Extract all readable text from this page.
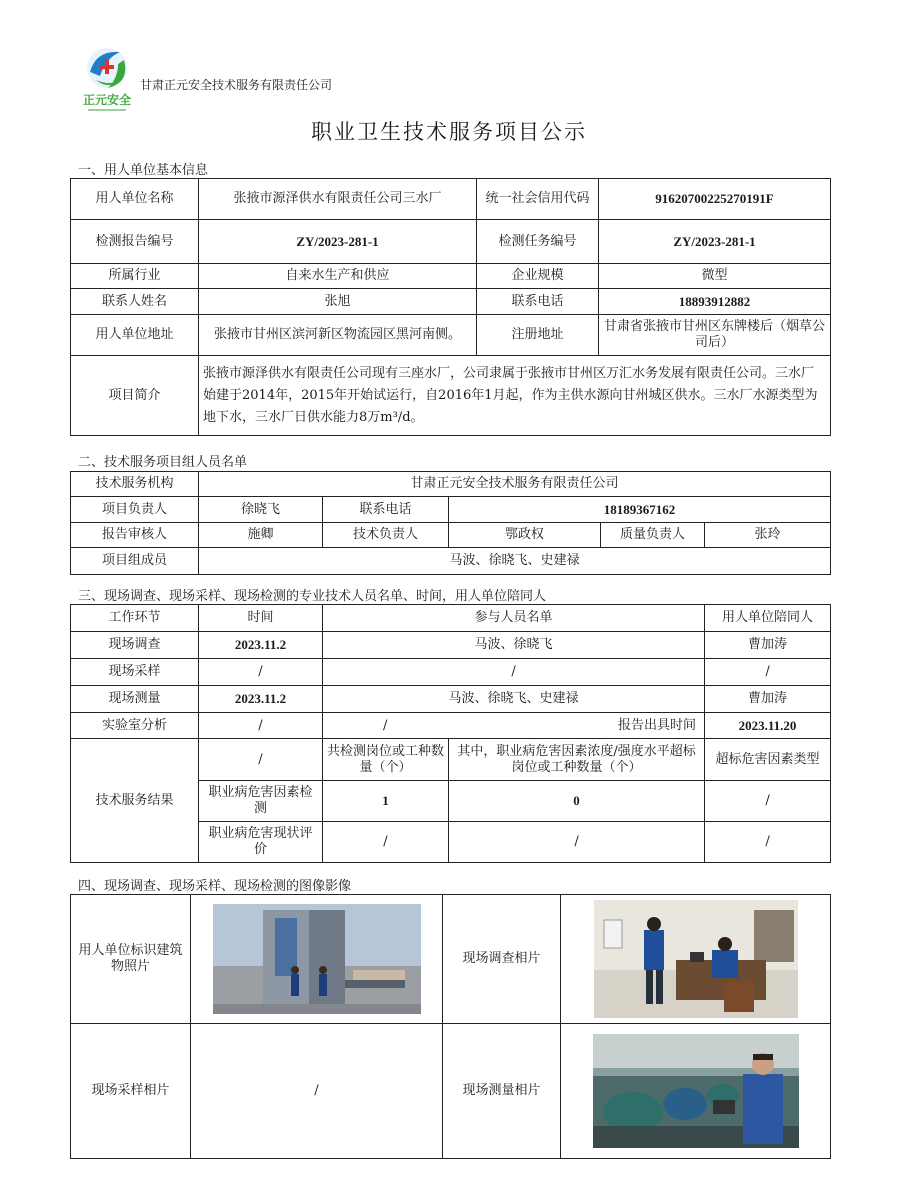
正元安全
甘肃正元安全技术服务有限责任公司
职业卫生技术服务项目公示
一、用人单位基本信息
用人单位名称	张掖市源泽供水有限责任公司三水厂	统一社会信用代码	91620700225270191F
检测报告编号	ZY/2023-281-1	检测任务编号	ZY/2023-281-1
所属行业	自来水生产和供应	企业规模	微型
联系人姓名	张旭	联系电话	18893912882
用人单位地址	张掖市甘州区滨河新区物流园区黑河南侧。	注册地址	甘肃省张掖市甘州区东牌楼后（烟草公司后）
项目简介	张掖市源泽供水有限责任公司现有三座水厂，公司隶属于张掖市甘州区万汇水务发展有限责任公司。三水厂始建于2014年，2015年开始试运行，自2016年1月起，作为主供水源向甘州城区供水。三水厂水源类型为地下水，三水厂日供水能力8万m³/d。		
二、技术服务项目组人员名单
技术服务机构	甘肃正元安全技术服务有限责任公司				
项目负责人	徐晓飞	联系电话	18189367162		
报告审核人	施卿	技术负责人	鄂政权	质量负责人	张玲
项目组成员	马波、徐晓飞、史建禄				
三、现场调查、现场采样、现场检测的专业技术人员名单、时间，用人单位陪同人
工作环节	时间	参与人员名单		用人单位陪同人
现场调查	2023.11.2	马波、徐晓飞		曹加涛
现场采样	/	/		/
现场测量	2023.11.2	马波、徐晓飞、史建禄		曹加涛
实验室分析	/	/ 报告出具时间		2023.11.20
技术服务结果	/	共检测岗位或工种数量（个）	其中，职业病危害因素浓度/强度水平超标岗位或工种数量（个）	超标危害因素类型
	职业病危害因素检测	1	0	/
	职业病危害现状评价	/	/	/
四、现场调查、现场采样、现场检测的图像影像
用人单位标识建筑物照片		现场调查相片	

现场采样相片	/	现场测量相片	
